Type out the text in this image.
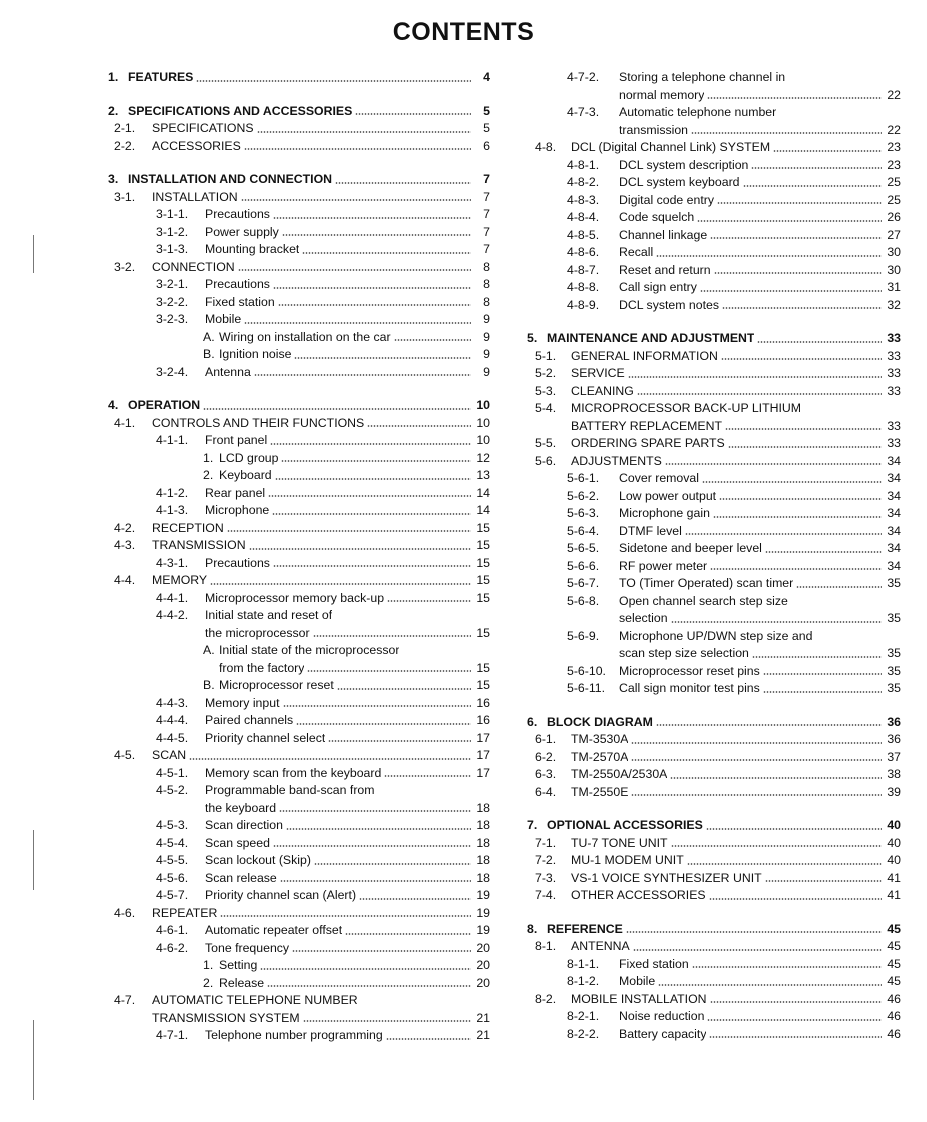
CONTENTS
1. FEATURES	4
2. SPECIFICATIONS AND ACCESSORIES	5
2-1.	SPECIFICATIONS	5
2-2.	ACCESSORIES	6
3. INSTALLATION AND CONNECTION	7
3-1.	INSTALLATION	7
3-1-1.	Precautions	7
3-1-2.	Power supply	7
3-1-3.	Mounting bracket	7
3-2.	CONNECTION	8
3-2-1.	Precautions	8
3-2-2.	Fixed station	8
3-2-3.	Mobile	9
A. Wiring on installation on the car	9
B. Ignition noise	9
3-2-4.	Antenna	9
4. OPERATION	10
4-1.	CONTROLS AND THEIR FUNCTIONS	10
4-1-1.	Front panel	10
1. LCD group	12
2. Keyboard	13
4-1-2.	Rear panel	14
4-1-3.	Microphone	14
4-2.	RECEPTION	15
4-3.	TRANSMISSION	15
4-3-1.	Precautions	15
4-4.	MEMORY	15
4-4-1.	Microprocessor memory back-up	15
4-4-2.	Initial state and reset of
the microprocessor	15
A. Initial state of the microprocessor
from the factory	15
B. Microprocessor reset	15
4-4-3.	Memory input	16
4-4-4.	Paired channels	16
4-4-5.	Priority channel select	17
4-5.	SCAN	17
4-5-1.	Memory scan from the keyboard	17
4-5-2.	Programmable band-scan from
the keyboard	18
4-5-3.	Scan direction	18
4-5-4.	Scan speed	18
4-5-5.	Scan lockout (Skip)	18
4-5-6.	Scan release	18
4-5-7.	Priority channel scan (Alert)	19
4-6.	REPEATER	19
4-6-1.	Automatic repeater offset	19
4-6-2.	Tone frequency	20
1. Setting	20
2. Release	20
4-7.	AUTOMATIC TELEPHONE NUMBER
TRANSMISSION SYSTEM	21
4-7-1.	Telephone number programming	21
4-7-2.	Storing a telephone channel in
normal memory	22
4-7-3.	Automatic telephone number
transmission	22
4-8.	DCL (Digital Channel Link) SYSTEM	23
4-8-1.	DCL system description	23
4-8-2.	DCL system keyboard	25
4-8-3.	Digital code entry	25
4-8-4.	Code squelch	26
4-8-5.	Channel linkage	27
4-8-6.	Recall	30
4-8-7.	Reset and return	30
4-8-8.	Call sign entry	31
4-8-9.	DCL system notes	32
5. MAINTENANCE AND ADJUSTMENT	33
5-1.	GENERAL INFORMATION	33
5-2.	SERVICE	33
5-3.	CLEANING	33
5-4.	MICROPROCESSOR BACK-UP LITHIUM
BATTERY REPLACEMENT	33
5-5.	ORDERING SPARE PARTS	33
5-6.	ADJUSTMENTS	34
5-6-1.	Cover removal	34
5-6-2.	Low power output	34
5-6-3.	Microphone gain	34
5-6-4.	DTMF level	34
5-6-5.	Sidetone and beeper level	34
5-6-6.	RF power meter	34
5-6-7.	TO (Timer Operated) scan timer	35
5-6-8.	Open channel search step size
selection	35
5-6-9.	Microphone UP/DWN step size and
scan step size selection	35
5-6-10.	Microprocessor reset pins	35
5-6-11.	Call sign monitor test pins	35
6. BLOCK DIAGRAM	36
6-1.	TM-3530A	36
6-2.	TM-2570A	37
6-3.	TM-2550A/2530A	38
6-4.	TM-2550E	39
7. OPTIONAL ACCESSORIES	40
7-1.	TU-7 TONE UNIT	40
7-2.	MU-1 MODEM UNIT	40
7-3.	VS-1 VOICE SYNTHESIZER UNIT	41
7-4.	OTHER ACCESSORIES	41
8. REFERENCE	45
8-1.	ANTENNA	45
8-1-1.	Fixed station	45
8-1-2.	Mobile	45
8-2.	MOBILE INSTALLATION	46
8-2-1.	Noise reduction	46
8-2-2.	Battery capacity	46
